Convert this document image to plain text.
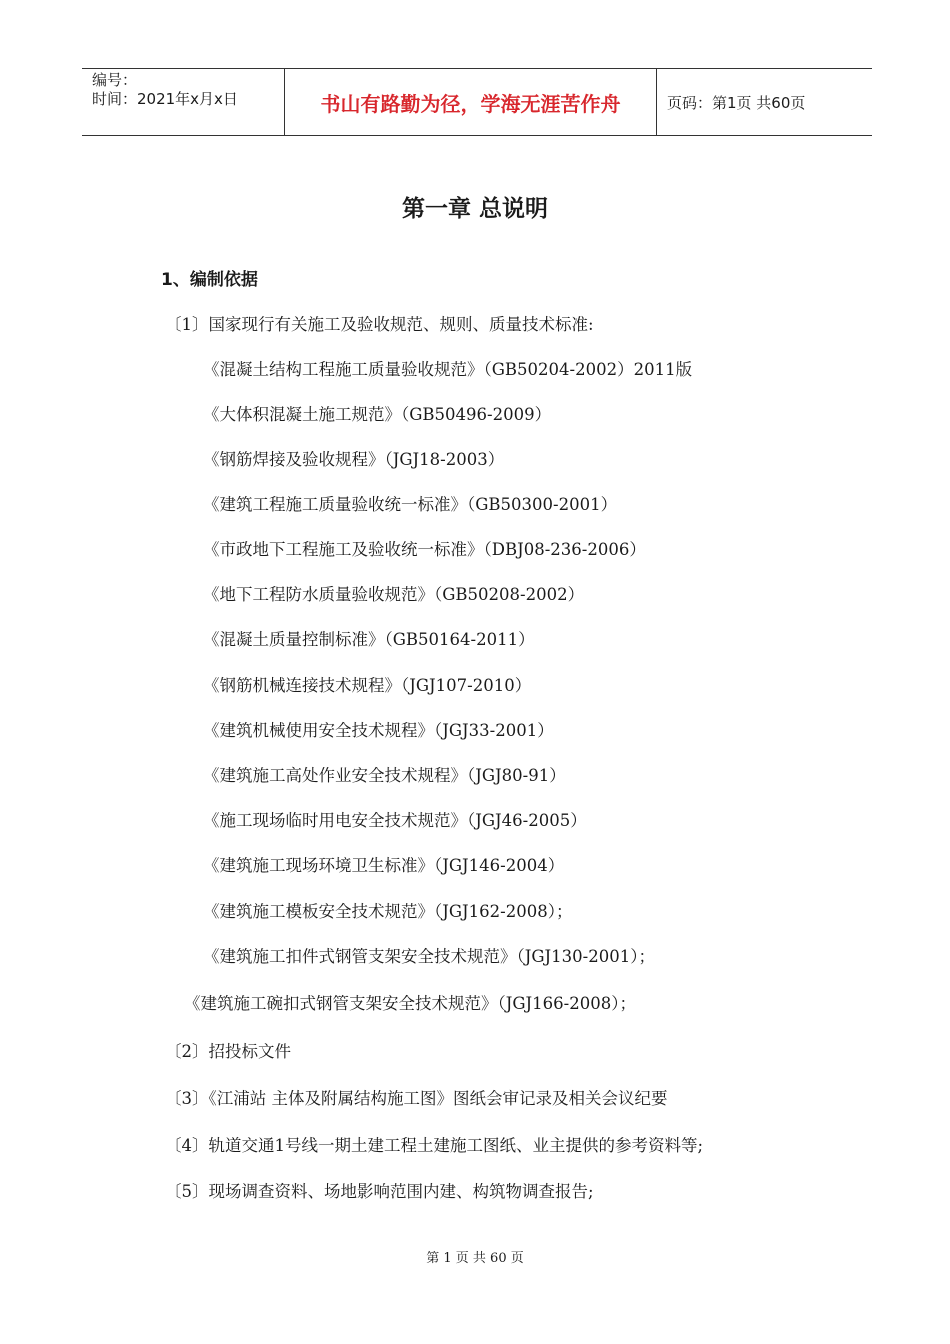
编号：
时间：2021年x月x日	书山有路勤为径，学海无涯苦作舟	页码：第1页 共60页
第一章 总说明
1、编制依据
〔1〕国家现行有关施工及验收规范、规则、质量技术标准:
《混凝土结构工程施工质量验收规范》（GB50204-2002）2011版
《大体积混凝土施工规范》（GB50496-2009）
《钢筋焊接及验收规程》（JGJ18-2003）
《建筑工程施工质量验收统一标准》（GB50300-2001）
《市政地下工程施工及验收统一标准》（DBJ08-236-2006）
《地下工程防水质量验收规范》（GB50208-2002）
《混凝土质量控制标准》（GB50164-2011）
《钢筋机械连接技术规程》（JGJ107-2010）
《建筑机械使用安全技术规程》（JGJ33-2001）
《建筑施工高处作业安全技术规程》（JGJ80-91）
《施工现场临时用电安全技术规范》（JGJ46-2005）
《建筑施工现场环境卫生标准》（JGJ146-2004）
《建筑施工模板安全技术规范》（JGJ162-2008）；
《建筑施工扣件式钢管支架安全技术规范》（JGJ130-2001）；
《建筑施工碗扣式钢管支架安全技术规范》（JGJ166-2008）；
〔2〕招投标文件
〔3〕《江浦站 主体及附属结构施工图》图纸会审记录及相关会议纪要
〔4〕轨道交通1号线一期土建工程土建施工图纸、业主提供的参考资料等;
〔5〕现场调查资料、场地影响范围内建、构筑物调查报告;
第 1 页 共 60 页
